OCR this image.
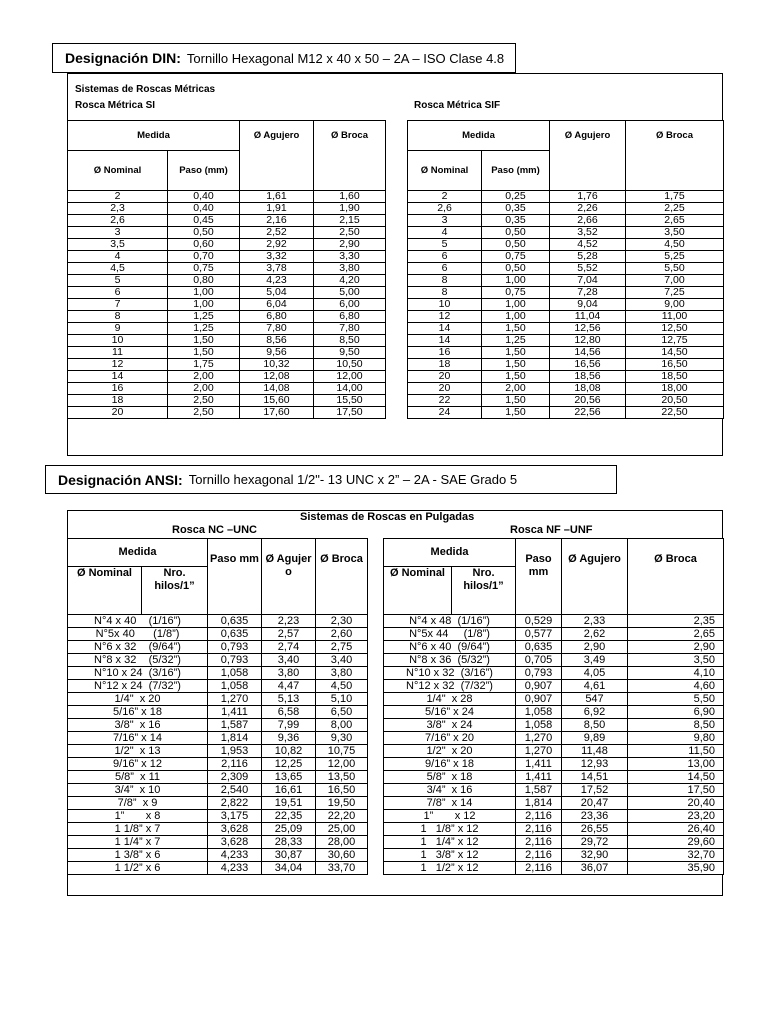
Designación DIN: Tornillo Hexagonal M12 x 40 x 50 – 2A – ISO Clase 4.8
Sistemas de Roscas Métricas
Rosca Métrica SI	Rosca Métrica SIF
Medida		Ø Agujero	Ø Broca
Ø Nominal	Paso (mm)		
2	0,40	1,61	1,60
2,3	0,40	1,91	1,90
2,6	0,45	2,16	2,15
3	0,50	2,52	2,50
3,5	0,60	2,92	2,90
4	0,70	3,32	3,30
4,5	0,75	3,78	3,80
5	0,80	4,23	4,20
6	1,00	5,04	5,00
7	1,00	6,04	6,00
8	1,25	6,80	6,80
9	1,25	7,80	7,80
10	1,50	8,56	8,50
11	1,50	9,56	9,50
12	1,75	10,32	10,50
14	2,00	12,08	12,00
16	2,00	14,08	14,00
18	2,50	15,60	15,50
20	2,50	17,60	17,50
Medida		Ø Agujero	Ø Broca
Ø Nominal	Paso (mm)		
2	0,25	1,76	1,75
2,6	0,35	2,26	2,25
3	0,35	2,66	2,65
4	0,50	3,52	3,50
5	0,50	4,52	4,50
6	0,75	5,28	5,25
6	0,50	5,52	5,50
8	1,00	7,04	7,00
8	0,75	7,28	7,25
10	1,00	9,04	9,00
12	1,00	11,04	11,00
14	1,50	12,56	12,50
14	1,25	12,80	12,75
16	1,50	14,56	14,50
18	1,50	16,56	16,50
20	1,50	18,56	18,50
20	2,00	18,08	18,00
22	1,50	20,56	20,50
24	1,50	22,56	22,50
Designación ANSI: Tornillo hexagonal 1/2"- 13 UNC x 2” – 2A - SAE Grado 5
Sistemas de Roscas en Pulgadas
Rosca NC –UNC	Rosca NF –UNF
Medida		Paso mm	Ø Agujer o	Ø Broca
Ø Nominal	Nro. hilos/1”			
N°4 x 40    (1/16”)		0,635	2,23	2,30
N°5x 40      (1/8”)		0,635	2,57	2,60
N°6 x 32    (9/64”)		0,793	2,74	2,75
N°8 x 32    (5/32”)		0,793	3,40	3,40
N°10 x 24  (3/16”)		1,058	3,80	3,80
N°12 x 24  (7/32”)		1,058	4,47	4,50
1/4"  x 20		1,270	5,13	5,10
5/16” x 18		1,411	6,58	6,50
3/8"  x 16		1,587	7,99	8,00
7/16” x 14		1,814	9,36	9,30
1/2"  x 13		1,953	10,82	10,75
9/16” x 12		2,116	12,25	12,00
5/8”  x 11		2,309	13,65	13,50
3/4”  x 10		2,540	16,61	16,50
7/8”  x 9		2,822	19,51	19,50
1”       x 8		3,175	22,35	22,20
1 1/8” x 7		3,628	25,09	25,00
1 1/4” x 7		3,628	28,33	28,00
1 3/8” x 6		4,233	30,87	30,60
1 1/2” x 6		4,233	34,04	33,70
Medida		Paso mm	Ø Agujero	Ø Broca
Ø Nominal	Nro. hilos/1”			
N°4 x 48  (1/16”)		0,529	2,33	2,35
N°5x 44     (1/8”)		0,577	2,62	2,65
N°6 x 40  (9/64”)		0,635	2,90	2,90
N°8 x 36  (5/32”)		0,705	3,49	3,50
N°10 x 32  (3/16”)		0,793	4,05	4,10
N°12 x 32  (7/32”)		0,907	4,61	4,60
1/4"  x 28		0,907	547	5,50
5/16” x 24		1,058	6,92	6,90
3/8"  x 24		1,058	8,50	8,50
7/16” x 20		1,270	9,89	9,80
1/2"  x 20		1,270	11,48	11,50
9/16” x 18		1,411	12,93	13,00
5/8”  x 18		1,411	14,51	14,50
3/4”  x 16		1,587	17,52	17,50
7/8”  x 14		1,814	20,47	20,40
1”       x 12		2,116	23,36	23,20
1   1/8” x 12		2,116	26,55	26,40
1   1/4” x 12		2,116	29,72	29,60
1   3/8” x 12		2,116	32,90	32,70
1   1/2” x 12		2,116	36,07	35,90
